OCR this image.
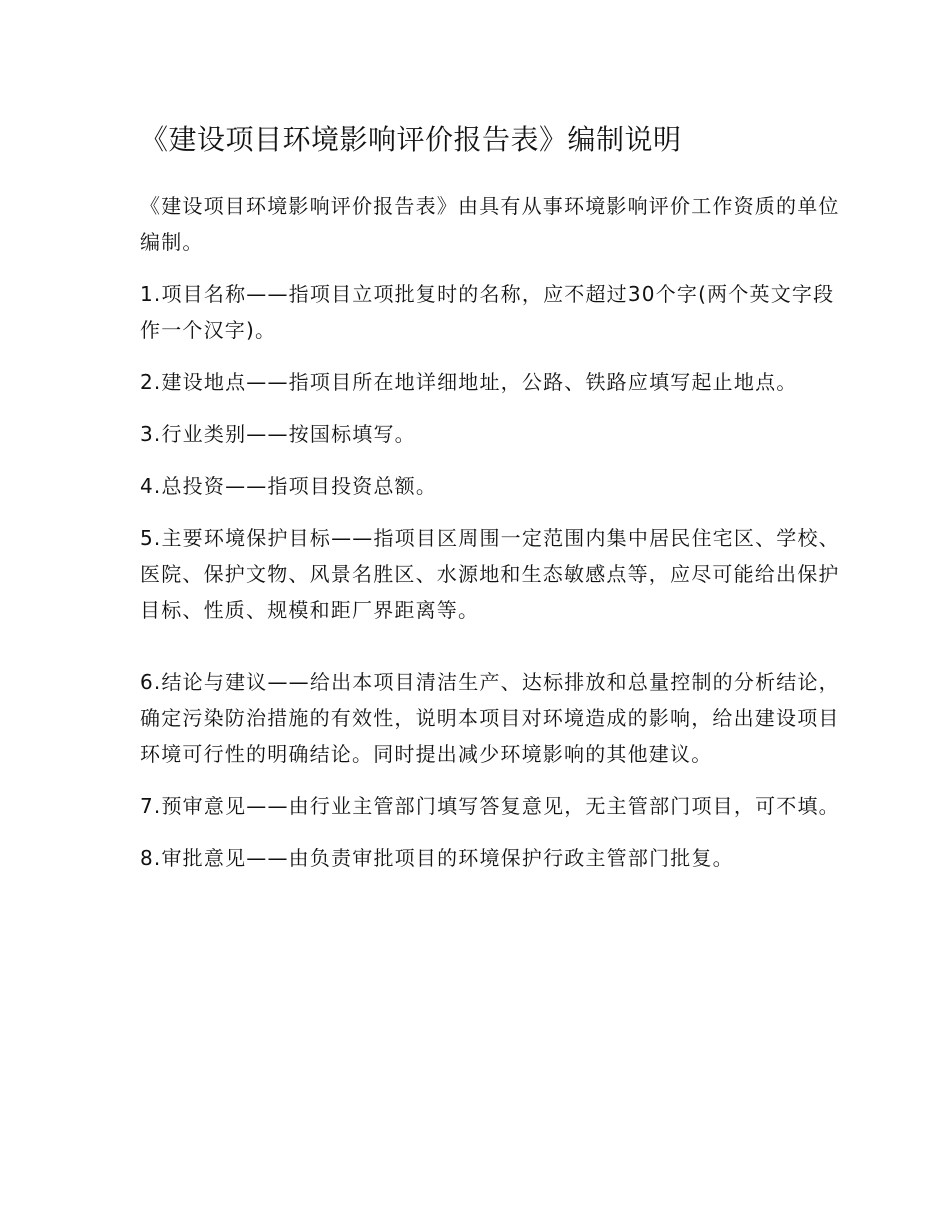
《建设项目环境影响评价报告表》编制说明

《建设项目环境影响评价报告表》由具有从事环境影响评价工作资质的单位编制。

1.项目名称——指项目立项批复时的名称，应不超过30个字(两个英文字段作一个汉字)。

2.建设地点——指项目所在地详细地址，公路、铁路应填写起止地点。

3.行业类别——按国标填写。

4.总投资——指项目投资总额。

5.主要环境保护目标——指项目区周围一定范围内集中居民住宅区、学校、医院、保护文物、风景名胜区、水源地和生态敏感点等，应尽可能给出保护目标、性质、规模和距厂界距离等。

6.结论与建议——给出本项目清洁生产、达标排放和总量控制的分析结论，确定污染防治措施的有效性，说明本项目对环境造成的影响，给出建设项目环境可行性的明确结论。同时提出减少环境影响的其他建议。

7.预审意见——由行业主管部门填写答复意见，无主管部门项目，可不填。

8.审批意见——由负责审批项目的环境保护行政主管部门批复。
